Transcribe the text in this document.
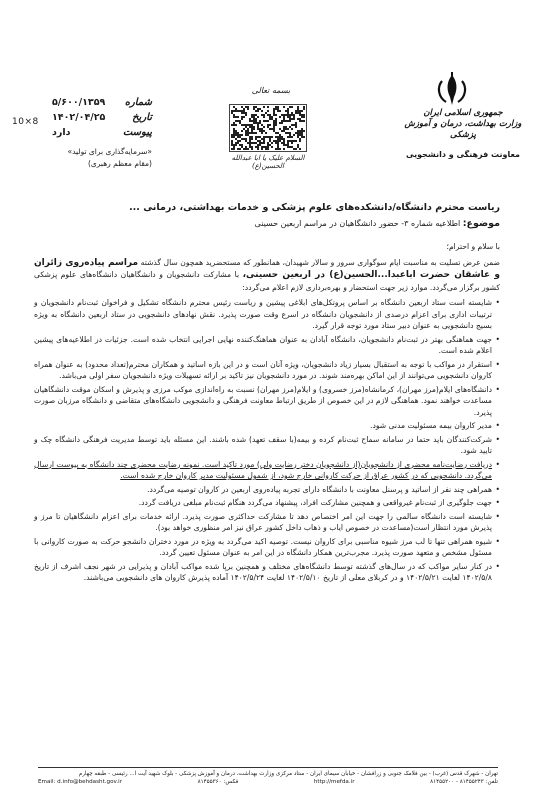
10×8
شماره
۵/۶۰۰/۱۳۵۹
تاریخ
۱۴۰۲/۰۴/۲۵
پیوست
دارد
«سرمایه‌گذاری برای تولید»
(مقام معظم رهبری)
بسمه تعالی
السلام علیک یا ابا عبدالله الحسین(ع)
جمهوری اسلامی ایران
وزارت بهداشت، درمان و آموزش پزشکی
معاونت فرهنگی و دانشجویی
ریاست محترم دانشگاه/دانشکده‌های علوم پزشکی و خدمات بهداشتی، درمانی ...
موضوع: اطلاعیه شماره ۳- حضور دانشگاهیان در مراسم اربعین حسینی
با سلام و احترام؛
ضمن عرض تسلیت به مناسبت ایام سوگواری سرور و سالار شهیدان، همانطور که مستحضرید همچون سال گذشته مراسم پیاده‌روی زائران و عاشقان حضرت اباعبدا...الحسین(ع) در اربعین حسینی، با مشارکت دانشجویان و دانشگاهیان دانشگاه‌های علوم پزشکی کشور برگزار می‌گردد. موارد زیر جهت استحضار و بهره‌برداری لازم اعلام می‌گردد:
• شایسته است ستاد اربعین دانشگاه بر اساس پروتکل‌های ابلاغی پیشین و ریاست رئیس محترم دانشگاه تشکیل و فراخوان ثبت‌نام دانشجویان و ترتیبات اداری برای اعزام درصدی از دانشجویان دانشگاه در اسرع وقت صورت پذیرد. نقش نهادهای دانشجویی در ستاد اربعین دانشگاه به ویژه بسیج دانشجویی به عنوان دبیر ستاد مورد توجه قرار گیرد.
• جهت هماهنگی بهتر در ثبت‌نام دانشجویان، دانشگاه آبادان به عنوان هماهنگ‌کننده نهایی اجرایی انتخاب شده است. جزئیات در اطلاعیه‌های پیشین اعلام شده است.
• استقرار در مواکب با توجه به استقبال بسیار زیاد دانشجویان، ویژه آنان است و در این بازه اساتید و همکاران محترم(تعداد محدود) به عنوان همراه کاروان دانشجویی می‌توانند از این اماکن بهره‌مند شوند. در مورد دانشجویان نیز تاکید بر ارائه تسهیلات ویژه دانشجویان سفر اولی می‌باشد.
• دانشگاه‌های ایلام(مرز مهران)، کرمانشاه(مرز خسروی) و ایلام(مرز مهران) نسبت به راه‌اندازی موکب مرزی و پذیرش و اسکان موقت دانشگاهیان مساعدت خواهند نمود. هماهنگی لازم در این خصوص از طریق ارتباط معاونت فرهنگی و دانشجویی دانشگاه‌های متقاضی و دانشگاه مرزبان صورت پذیرد.
• مدیر کاروان بیمه مسئولیت مدنی شود.
• شرکت‌کنندگان باید حتما در سامانه سماح ثبت‌نام کرده و بیمه(با سقف تعهد) شده باشند. این مسئله باید توسط مدیریت فرهنگی دانشگاه چک و تایید شود.
• دریافت رضایت‌نامه محضری از دانشجویان(از دانشجویان دختر رضایت ولی) مورد تاکید است. نمونه رضایت محضری چند دانشگاه به پیوست ارسال می‌گردد. دانشجویی که در کشور عراق از حرکت کاروانی خارج شود، از شمول مسئولیت مدیر کاروان خارج شده است.
• همراهی چند نفر از اساتید و پرسنل معاونت با دانشگاه دارای تجربه پیاده‌روی اربعین در کاروان توصیه می‌گردد.
• جهت جلوگیری از ثبت‌نام غیرواقعی و همچنین مشارکت افراد، پیشنهاد می‌گردد هنگام ثبت‌نام مبلغی دریافت گردد.
• شایسته است دانشگاه سالمی را جهت این امر اختصاص دهد تا مشارکت حداکثری صورت پذیرد. ارائه خدمات برای اعزام دانشگاهیان تا مرز و پذیرش مورد انتظار است(مساعدت در خصوص ایاب و ذهاب داخل کشور عراق نیز امر منظوری خواهد بود).
• شیوه همراهی تنها تا لب مرز شیوه مناسبی برای کاروان نیست. توصیه اکید می‌گردد به ویژه در مورد دختران دانشجو حرکت به صورت کاروانی با مسئول مشخص و متعهد صورت پذیرد. مجرب‌ترین همکار دانشگاه در این امر به عنوان مسئول تعیین گردد.
• در کنار سایر مواکب که در سال‌های گذشته توسط دانشگاه‌های مختلف و همچنین برپا شده مواکب آبادان و پذیرایی در شهر نجف اشرف از تاریخ ۱۴۰۲/۵/۸ لغایت ۱۴۰۲/۵/۲۱ و در کربلای معلی از تاریخ ۱۴۰۲/۵/۱۰ لغایت ۱۴۰۲/۵/۲۴ آماده پذیرش کاروان های دانشجویی می‌باشند.
تهران - شهرک قدس (غرب) - بین فلامک جنوبی و زرافشان - خیابان سیمای ایران - ستاد مرکزی وزارت بهداشت، درمان و آموزش پزشکی - بلوک شهید آیت ا... رئیسی - طبقه چهارم
Email: d.info@behdasht.gov.ir	فکس: ۸۱۴۵۵۳۶۰	http://mefda.ir	تلفن: ۸۱۴۵۵۲۴۳ - ۸۱۴۵۵۲۰۰
